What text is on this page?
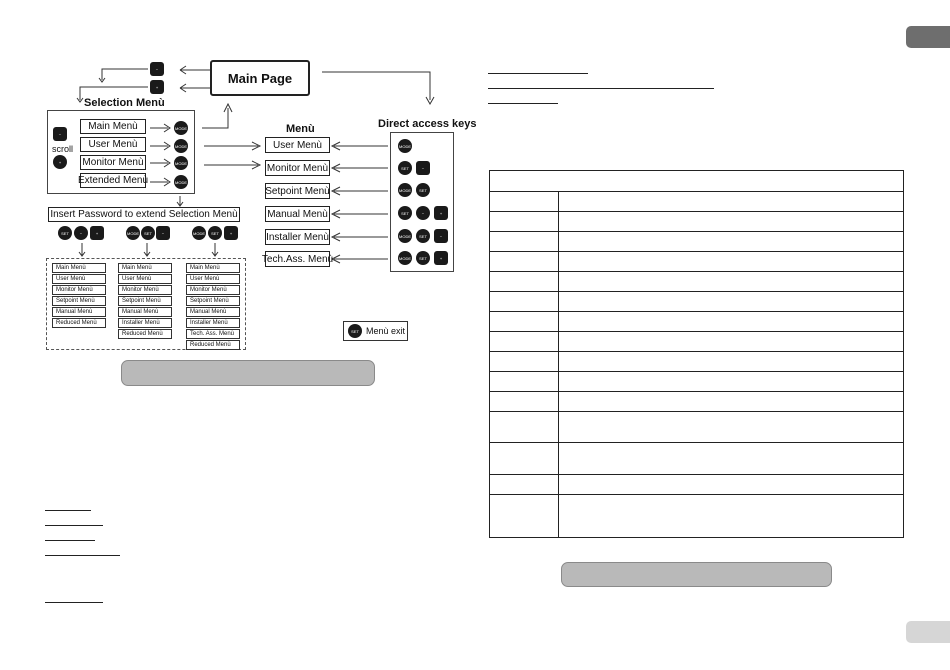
Main Page
−
+
Selection Menù
−
scroll
+
Main Menù
User Menù
Monitor Menù
Extended Menù
MODE
MODE
MODE
MODE
Insert Password to extend Selection Menù
SET	−	+	MODE	SET	−	MODE	SET	+
Main Menù
User Menù
Monitor Menù
Setpoint Menù
Manual Menù
Reduced Menù
Main Menù
User Menù
Monitor Menù
Setpoint Menù
Manual Menù
Installer Menù
Reduced Menù
Main Menù
User Menù
Monitor Menù
Setpoint Menù
Manual Menù
Installer Menù
Tech. Ass. Menù
Reduced Menù
Menù
User Menù
Monitor Menù
Setpoint Menù
Manual Menù
Installer Menù
Tech.Ass. Menù
Direct access keys
MODE
SET	−
MODE	SET
SET	−	+
MODE	SET	−
MODE	SET	+
SET Menù exit
